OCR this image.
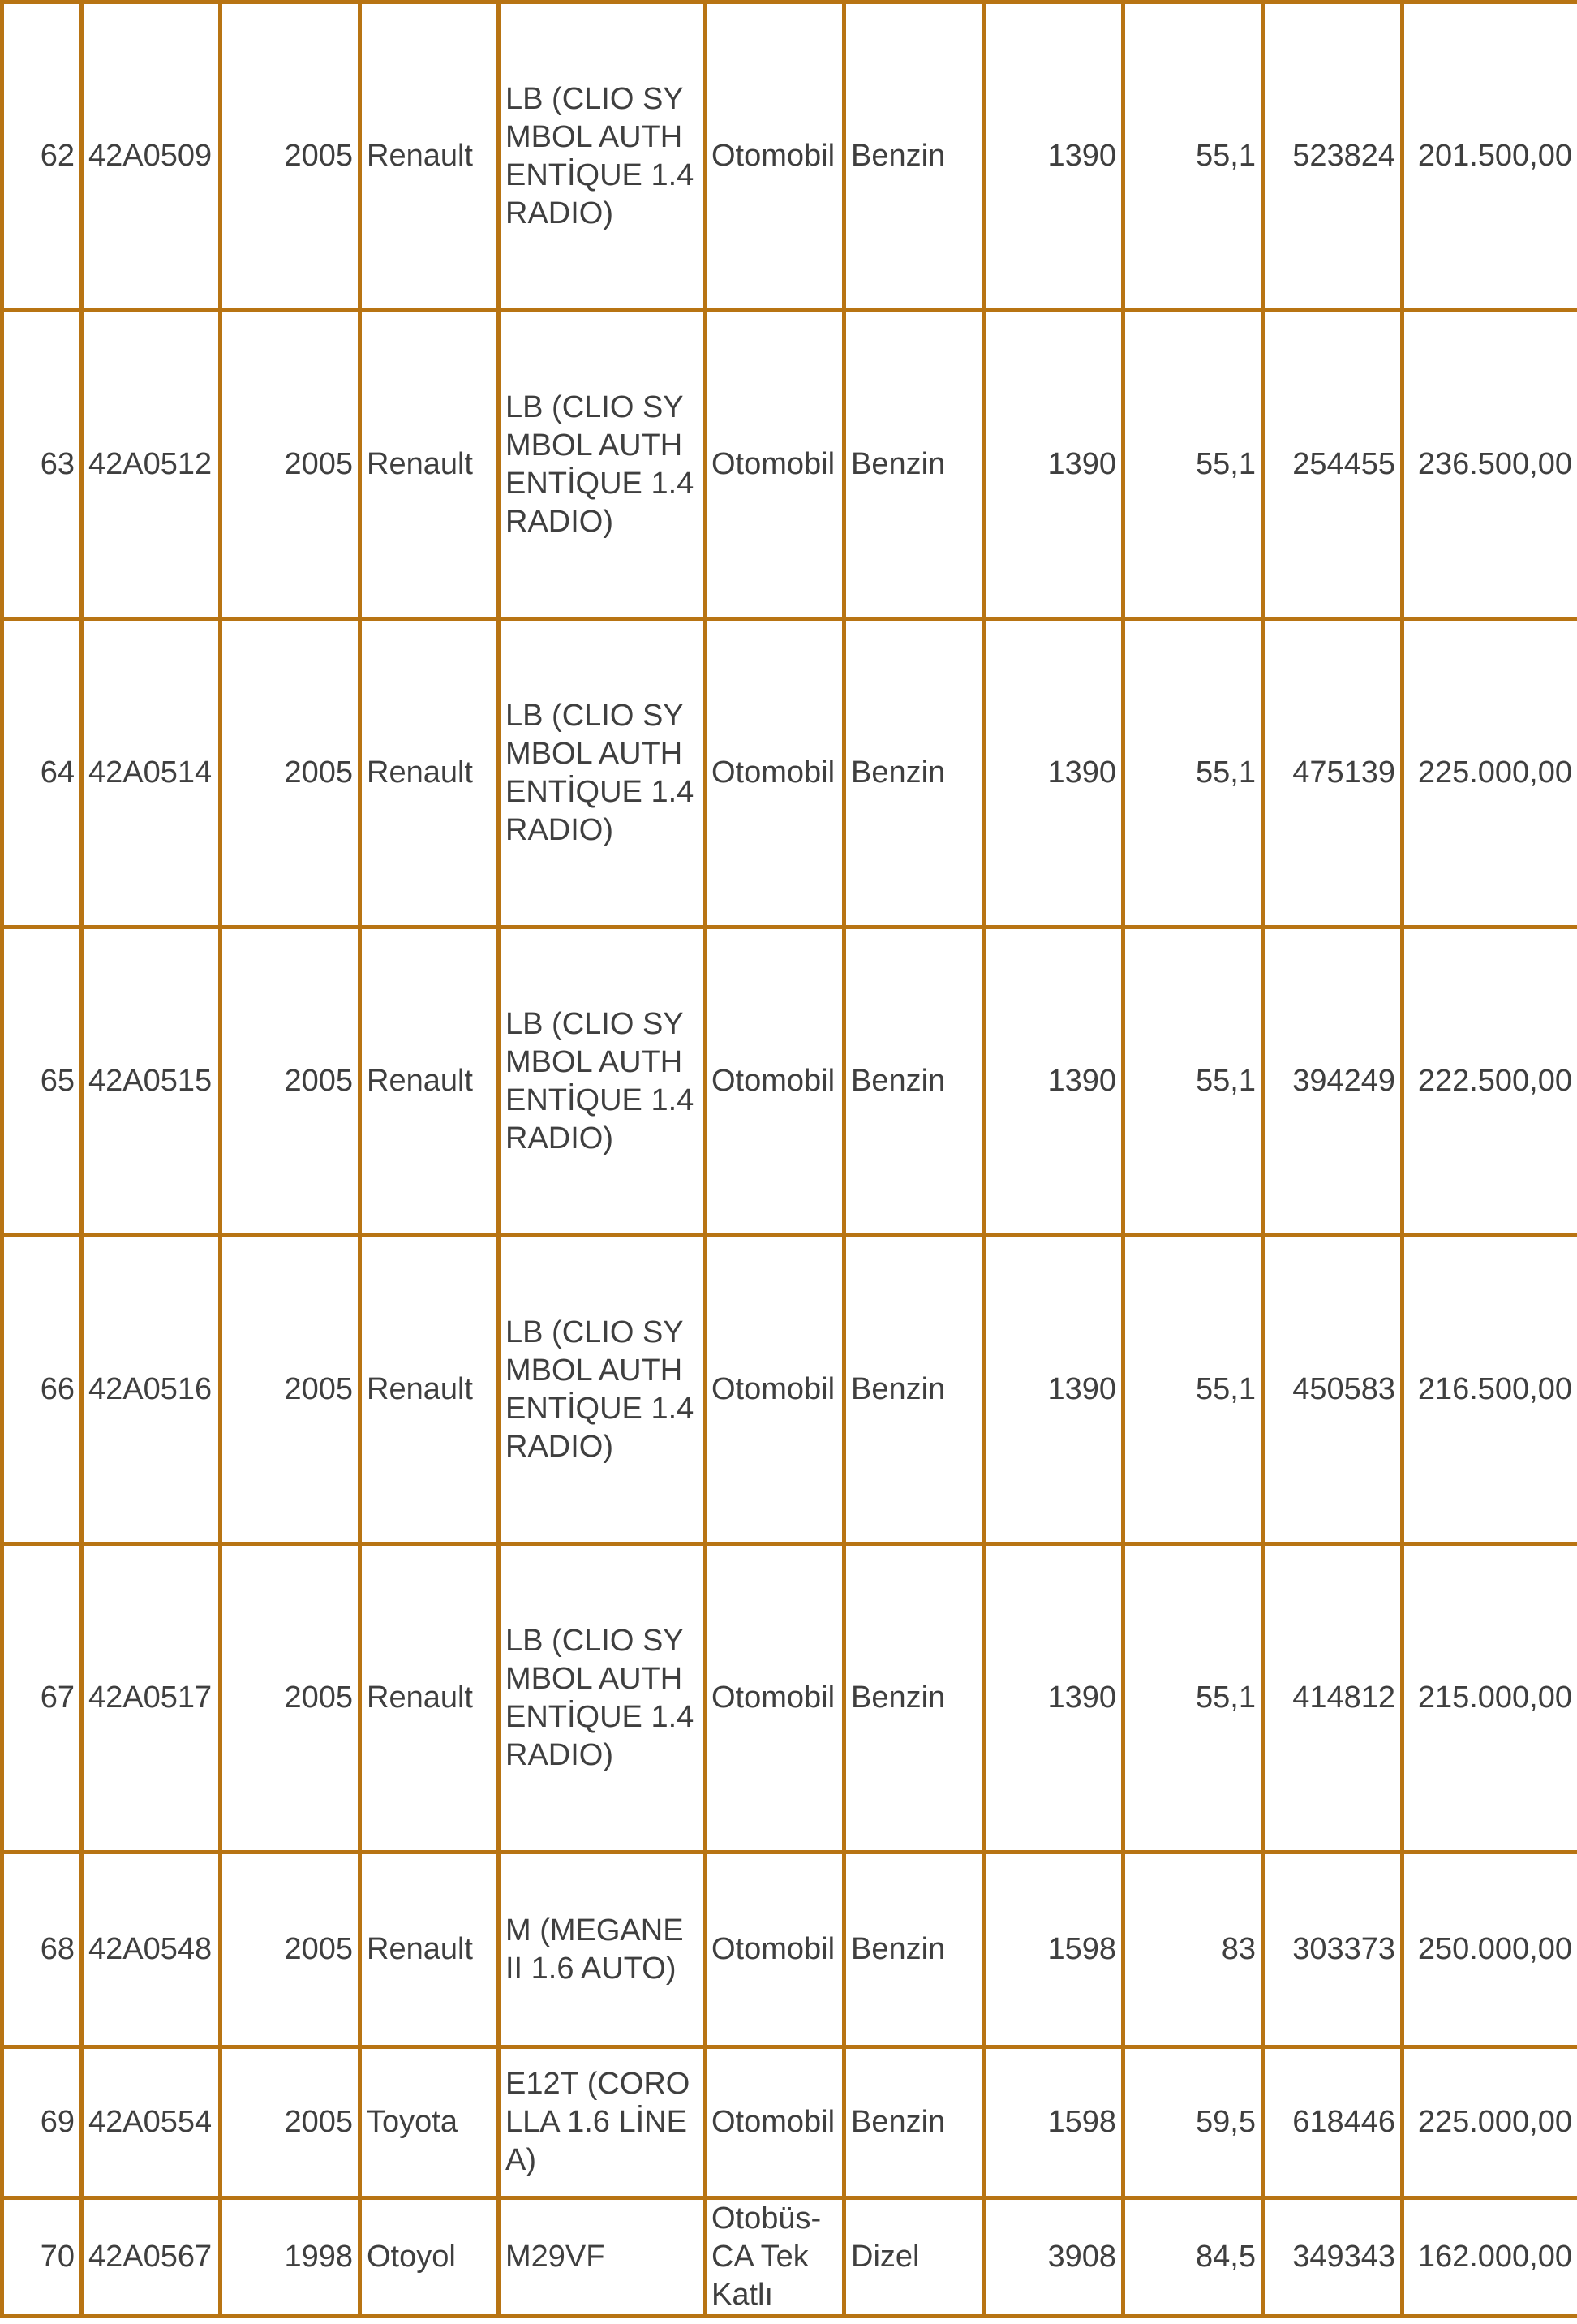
62	42A0509	2005	Renault	LB (CLIO SYMBOL AUTHENTİQUE 1.4 RADIO)	Otomobil	Benzin	1390	55,1	523824	201.500,00
63	42A0512	2005	Renault	LB (CLIO SYMBOL AUTHENTİQUE 1.4 RADIO)	Otomobil	Benzin	1390	55,1	254455	236.500,00
64	42A0514	2005	Renault	LB (CLIO SYMBOL AUTHENTİQUE 1.4 RADIO)	Otomobil	Benzin	1390	55,1	475139	225.000,00
65	42A0515	2005	Renault	LB (CLIO SYMBOL AUTHENTİQUE 1.4 RADIO)	Otomobil	Benzin	1390	55,1	394249	222.500,00
66	42A0516	2005	Renault	LB (CLIO SYMBOL AUTHENTİQUE 1.4 RADIO)	Otomobil	Benzin	1390	55,1	450583	216.500,00
67	42A0517	2005	Renault	LB (CLIO SYMBOL AUTHENTİQUE 1.4 RADIO)	Otomobil	Benzin	1390	55,1	414812	215.000,00
68	42A0548	2005	Renault	M (MEGANE II 1.6 AUTO)	Otomobil	Benzin	1598	83	303373	250.000,00
69	42A0554	2005	Toyota	E12T (COROLLA 1.6 LİNEA)	Otomobil	Benzin	1598	59,5	618446	225.000,00
70	42A0567	1998	Otoyol	M29VF	Otobüs-CA Tek Katlı	Dizel	3908	84,5	349343	162.000,00
